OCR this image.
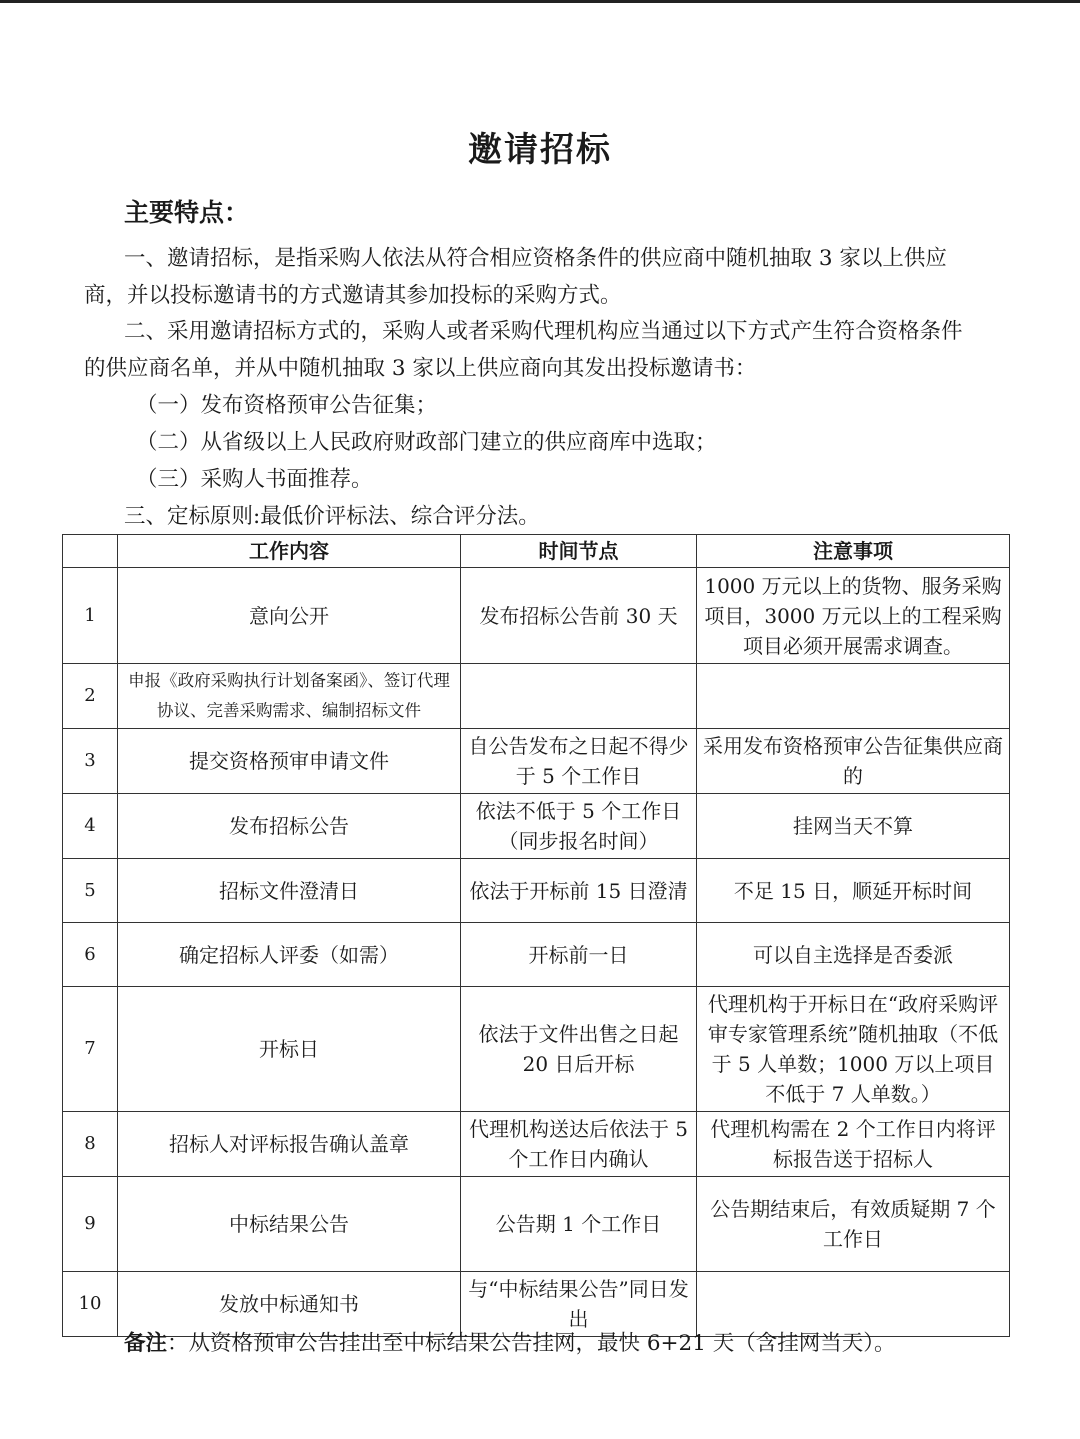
邀请招标
主要特点：

一、邀请招标，是指采购人依法从符合相应资格条件的供应商中随机抽取 3 家以上供应商，并以投标邀请书的方式邀请其参加投标的采购方式。

二、采用邀请招标方式的，采购人或者采购代理机构应当通过以下方式产生符合资格条件的供应商名单，并从中随机抽取 3 家以上供应商向其发出投标邀请书：

（一）发布资格预审公告征集；
（二）从省级以上人民政府财政部门建立的供应商库中选取；
（三）采购人书面推荐。
三、定标原则:最低价评标法、综合评分法。
	工作内容	时间节点	注意事项
1	意向公开	发布招标公告前 30 天	1000 万元以上的货物、服务采购项目，3000 万元以上的工程采购项目必须开展需求调查。
2	申报《政府采购执行计划备案函》、签订代理协议、完善采购需求、编制招标文件		
3	提交资格预审申请文件	自公告发布之日起不得少于 5 个工作日	采用发布资格预审公告征集供应商的
4	发布招标公告	依法不低于 5 个工作日（同步报名时间）	挂网当天不算
5	招标文件澄清日	依法于开标前 15 日澄清	不足 15 日，顺延开标时间
6	确定招标人评委（如需）	开标前一日	可以自主选择是否委派
7	开标日	依法于文件出售之日起 20 日后开标	代理机构于开标日在“政府采购评审专家管理系统”随机抽取（不低于 5 人单数；1000 万以上项目不低于 7 人单数。）
8	招标人对评标报告确认盖章	代理机构送达后依法于 5 个工作日内确认	代理机构需在 2 个工作日内将评标报告送于招标人
9	中标结果公告	公告期 1 个工作日	公告期结束后，有效质疑期 7 个工作日
10	发放中标通知书	与“中标结果公告”同日发出	
备注：从资格预审公告挂出至中标结果公告挂网，最快 6+21 天（含挂网当天）。
